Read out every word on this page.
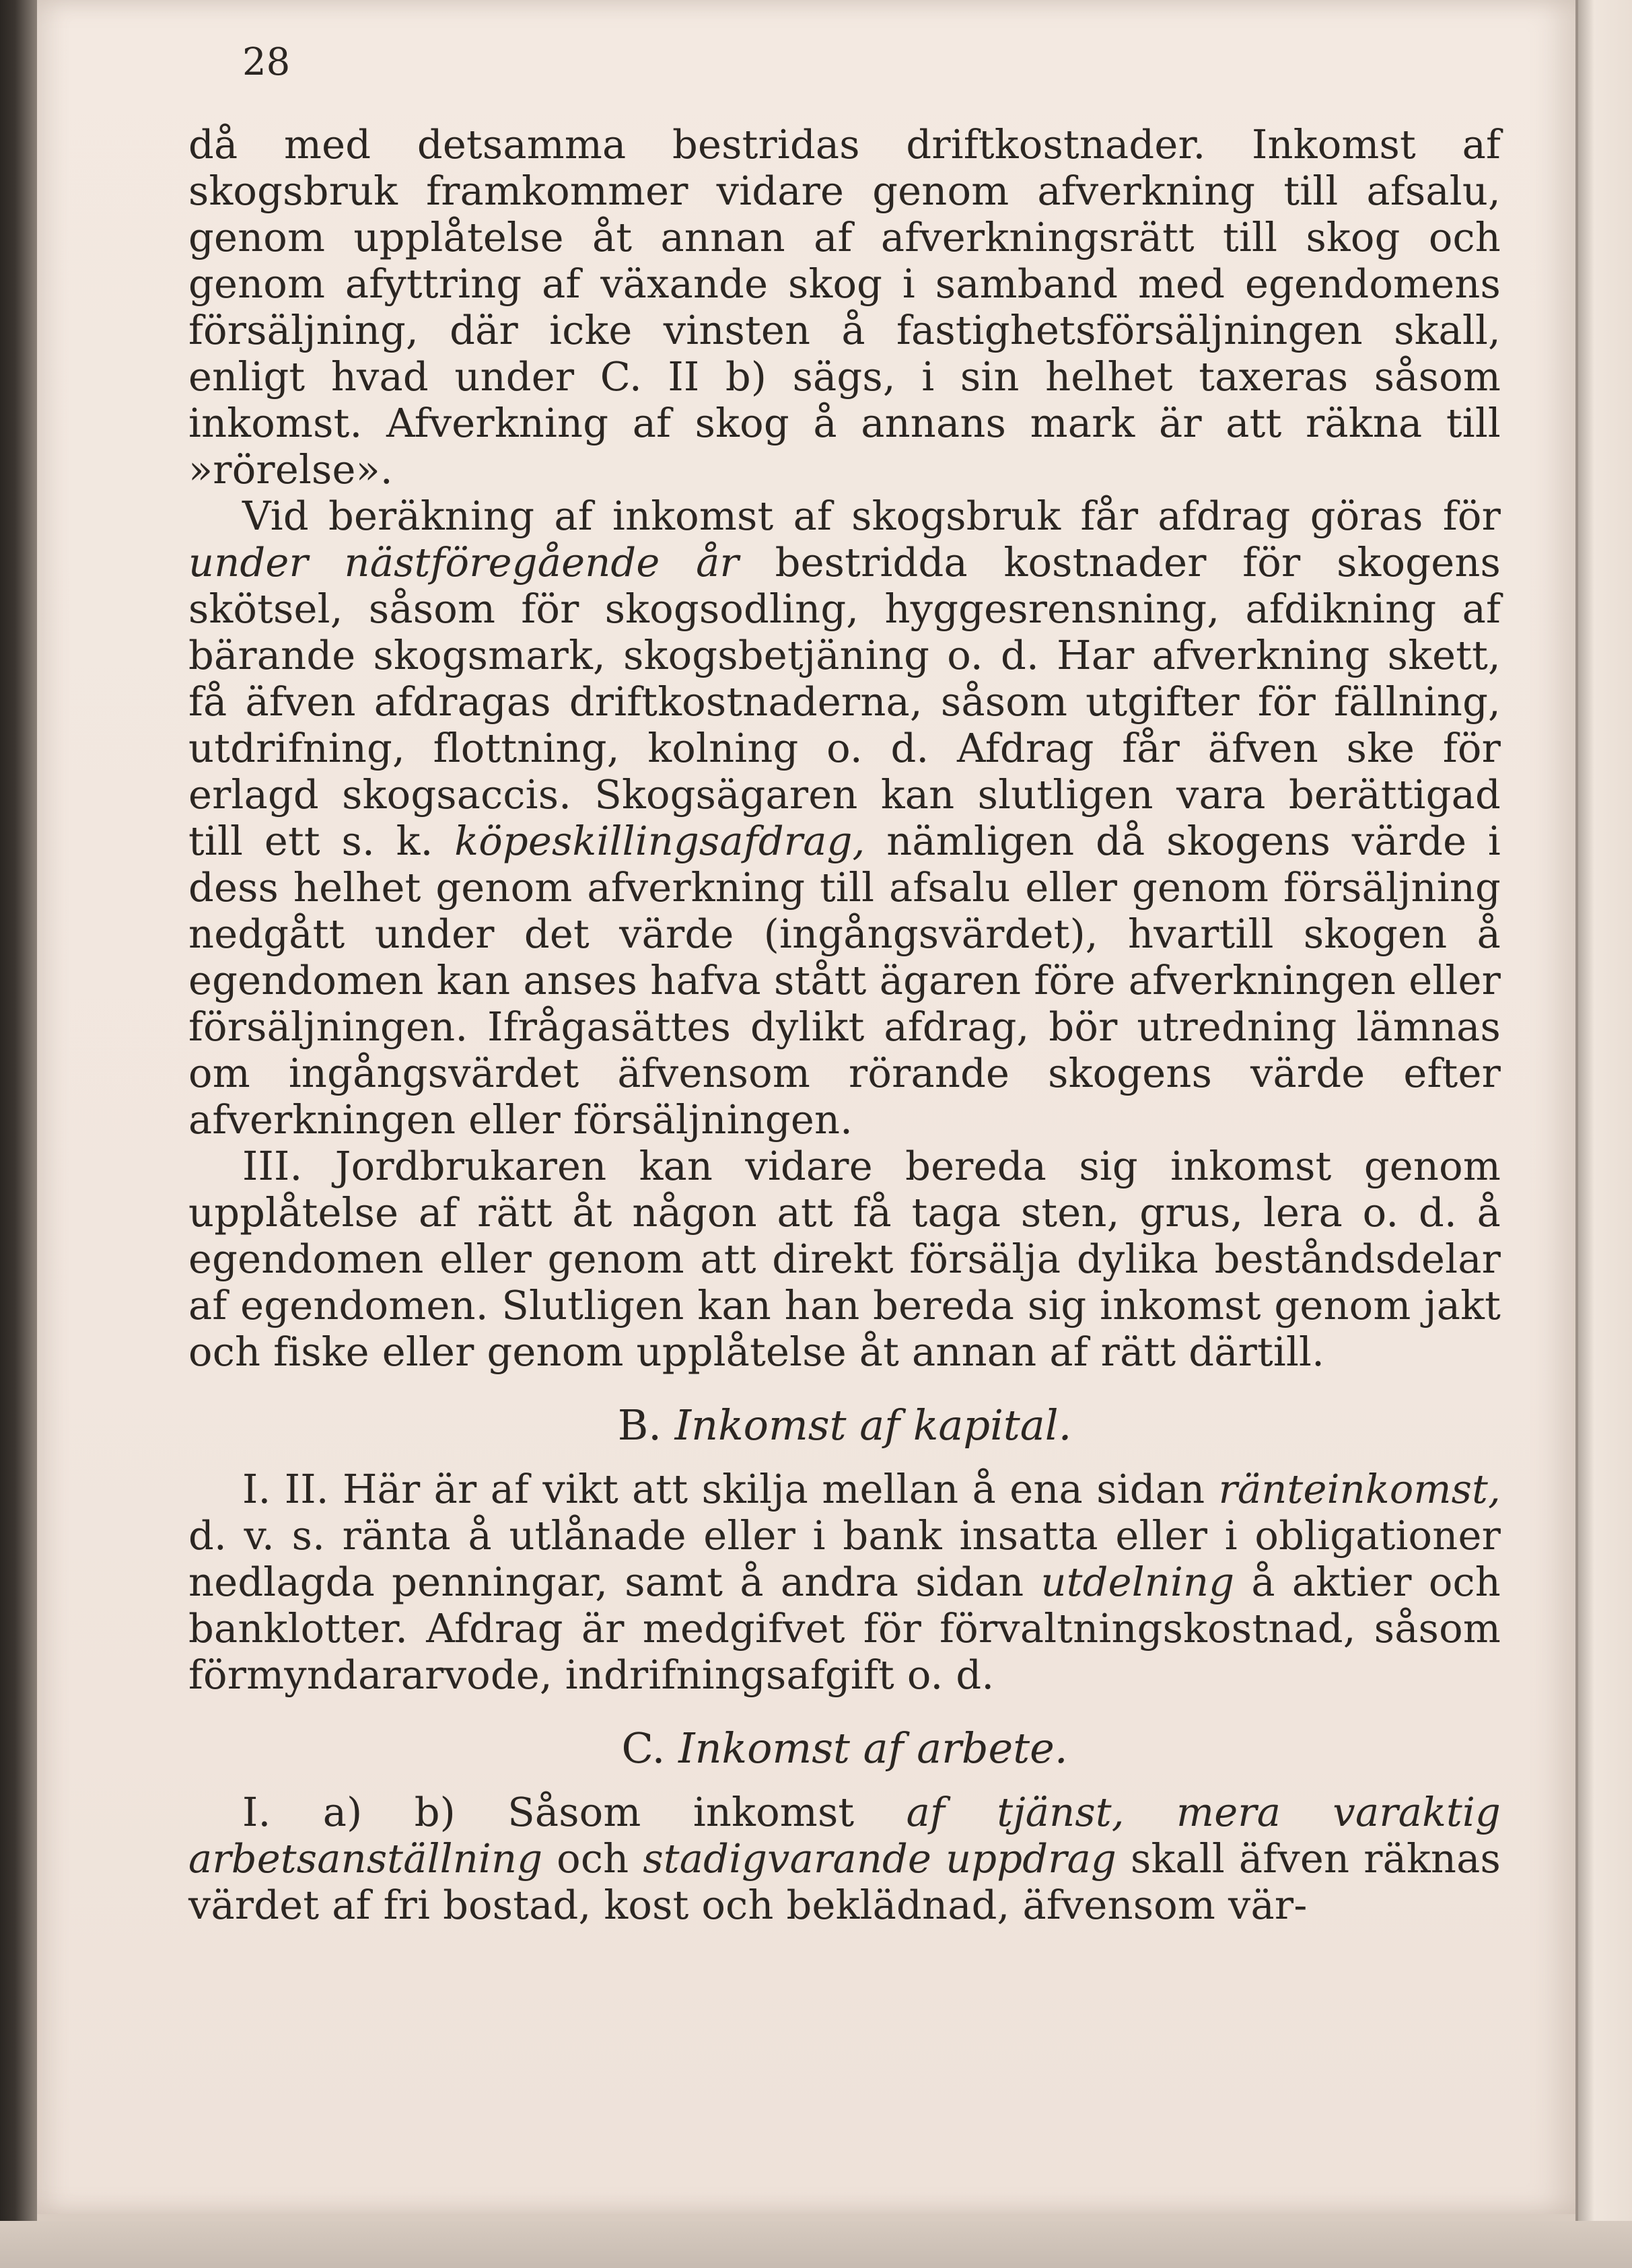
28

då med detsamma bestridas driftkostnader. Inkomst af skogsbruk framkommer vidare genom afverkning till afsalu, genom upplåtelse åt annan af afverkningsrätt till skog och genom afyttring af växande skog i samband med egendomens försäljning, där icke vinsten å fastighetsförsäljningen skall, enligt hvad under C. II b) sägs, i sin helhet taxeras såsom inkomst. Afverkning af skog å annans mark är att räkna till »rörelse».

Vid beräkning af inkomst af skogsbruk får afdrag göras för under nästföregående år bestridda kostnader för skogens skötsel, såsom för skogsodling, hyggesrensning, afdikning af bärande skogsmark, skogsbetjäning o. d. Har afverkning skett, få äfven afdragas driftkostnaderna, såsom utgifter för fällning, utdrifning, flottning, kolning o. d. Afdrag får äfven ske för erlagd skogsaccis. Skogsägaren kan slutligen vara berättigad till ett s. k. köpeskillingsafdrag, nämligen då skogens värde i dess helhet genom afverkning till afsalu eller genom försäljning nedgått under det värde (ingångsvärdet), hvartill skogen å egendomen kan anses hafva stått ägaren före afverkningen eller försäljningen. Ifrågasättes dylikt afdrag, bör utredning lämnas om ingångsvärdet äfvensom rörande skogens värde efter afverkningen eller försäljningen.

III. Jordbrukaren kan vidare bereda sig inkomst genom upplåtelse af rätt åt någon att få taga sten, grus, lera o. d. å egendomen eller genom att direkt försälja dylika beståndsdelar af egendomen. Slutligen kan han bereda sig inkomst genom jakt och fiske eller genom upplåtelse åt annan af rätt därtill.

B. Inkomst af kapital.

I. II. Här är af vikt att skilja mellan å ena sidan ränteinkomst, d. v. s. ränta å utlånade eller i bank insatta eller i obligationer nedlagda penningar, samt å andra sidan utdelning å aktier och banklotter. Afdrag är medgifvet för förvaltningskostnad, såsom förmyndararvode, indrifningsafgift o. d.

C. Inkomst af arbete.

I. a) b) Såsom inkomst af tjänst, mera varaktig arbetsanställning och stadigvarande uppdrag skall äfven räknas värdet af fri bostad, kost och beklädnad, äfvensom vär-
